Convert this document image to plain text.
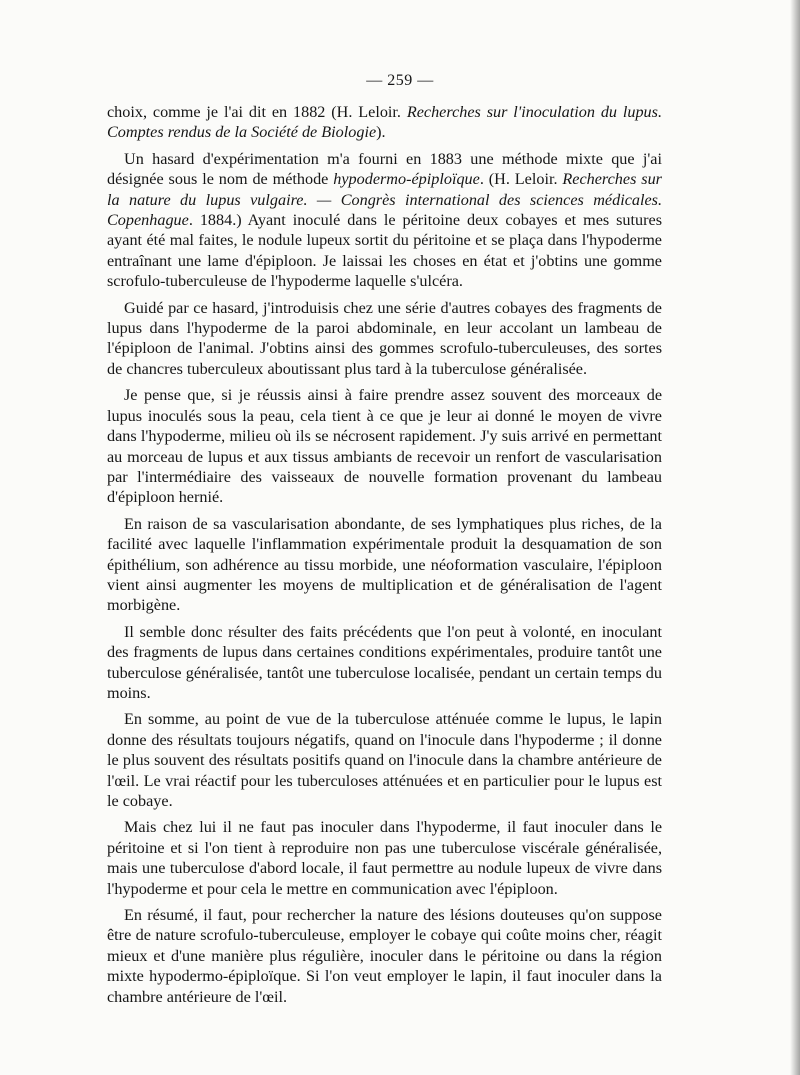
— 259 —

choix, comme je l'ai dit en 1882 (H. Leloir. Recherches sur l'inoculation du lupus. Comptes rendus de la Société de Biologie).

Un hasard d'expérimentation m'a fourni en 1883 une méthode mixte que j'ai désignée sous le nom de méthode hypodermo-épiploïque. (H. Leloir. Recherches sur la nature du lupus vulgaire. — Congrès international des sciences médicales. Copenhague. 1884.) Ayant inoculé dans le péritoine deux cobayes et mes sutures ayant été mal faites, le nodule lupeux sortit du péritoine et se plaça dans l'hypoderme entraînant une lame d'épiploon. Je laissai les choses en état et j'obtins une gomme scrofulo-tuberculeuse de l'hypoderme laquelle s'ulcéra.

Guidé par ce hasard, j'introduisis chez une série d'autres cobayes des fragments de lupus dans l'hypoderme de la paroi abdominale, en leur accolant un lambeau de l'épiploon de l'animal. J'obtins ainsi des gommes scrofulo-tuberculeuses, des sortes de chancres tuberculeux aboutissant plus tard à la tuberculose généralisée.

Je pense que, si je réussis ainsi à faire prendre assez souvent des morceaux de lupus inoculés sous la peau, cela tient à ce que je leur ai donné le moyen de vivre dans l'hypoderme, milieu où ils se nécrosent rapidement. J'y suis arrivé en permettant au morceau de lupus et aux tissus ambiants de recevoir un renfort de vascularisation par l'intermédiaire des vaisseaux de nouvelle formation provenant du lambeau d'épiploon hernié.

En raison de sa vascularisation abondante, de ses lymphatiques plus riches, de la facilité avec laquelle l'inflammation expérimentale produit la desquamation de son épithélium, son adhérence au tissu morbide, une néoformation vasculaire, l'épiploon vient ainsi augmenter les moyens de multiplication et de généralisation de l'agent morbigène.

Il semble donc résulter des faits précédents que l'on peut à volonté, en inoculant des fragments de lupus dans certaines conditions expérimentales, produire tantôt une tuberculose généralisée, tantôt une tuberculose localisée, pendant un certain temps du moins.

En somme, au point de vue de la tuberculose atténuée comme le lupus, le lapin donne des résultats toujours négatifs, quand on l'inocule dans l'hypoderme ; il donne le plus souvent des résultats positifs quand on l'inocule dans la chambre antérieure de l'œil. Le vrai réactif pour les tuberculoses atténuées et en particulier pour le lupus est le cobaye.

Mais chez lui il ne faut pas inoculer dans l'hypoderme, il faut inoculer dans le péritoine et si l'on tient à reproduire non pas une tuberculose viscérale généralisée, mais une tuberculose d'abord locale, il faut permettre au nodule lupeux de vivre dans l'hypoderme et pour cela le mettre en communication avec l'épiploon.

En résumé, il faut, pour rechercher la nature des lésions douteuses qu'on suppose être de nature scrofulo-tuberculeuse, employer le cobaye qui coûte moins cher, réagit mieux et d'une manière plus régulière, inoculer dans le péritoine ou dans la région mixte hypodermo-épiploïque. Si l'on veut employer le lapin, il faut inoculer dans la chambre antérieure de l'œil.
